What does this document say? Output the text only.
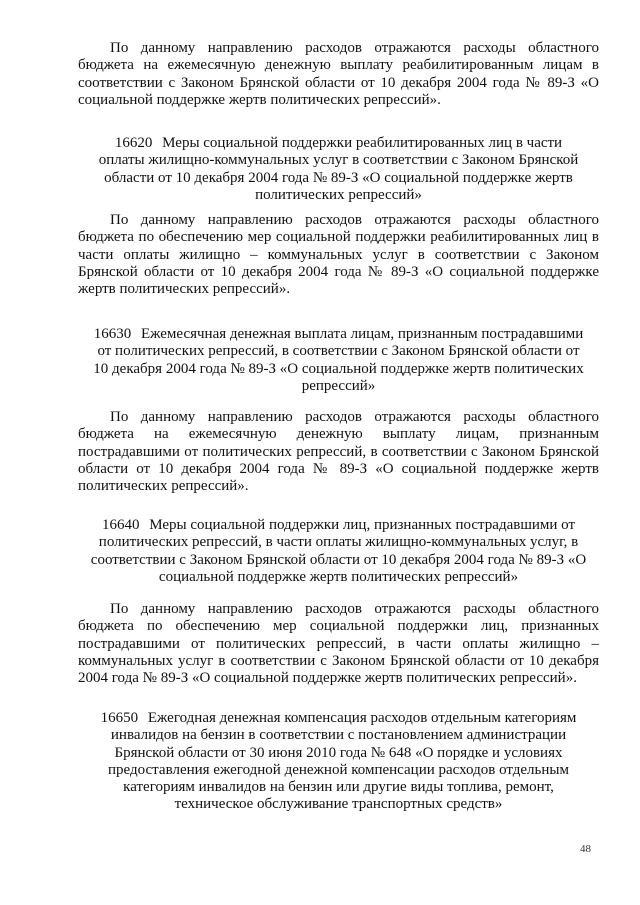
По данному направлению расходов отражаются расходы областного бюджета на ежемесячную денежную выплату реабилитированным лицам в соответствии с Законом Брянской области от 10 декабря 2004 года № 89-З «О социальной поддержке жертв политических репрессий».

16620 Меры социальной поддержки реабилитированных лиц в части оплаты жилищно-коммунальных услуг в соответствии с Законом Брянской области от 10 декабря 2004 года № 89-З «О социальной поддержке жертв политических репрессий»

По данному направлению расходов отражаются расходы областного бюджета по обеспечению мер социальной поддержки реабилитированных лиц в части оплаты жилищно – коммунальных услуг в соответствии с Законом Брянской области от 10 декабря 2004 года № 89-З «О социальной поддержке жертв политических репрессий».

16630 Ежемесячная денежная выплата лицам, признанным пострадавшими от политических репрессий, в соответствии с Законом Брянской области от 10 декабря 2004 года № 89-З «О социальной поддержке жертв политических репрессий»

По данному направлению расходов отражаются расходы областного бюджета на ежемесячную денежную выплату лицам, признанным пострадавшими от политических репрессий, в соответствии с Законом Брянской области от 10 декабря 2004 года № 89-З «О социальной поддержке жертв политических репрессий».

16640 Меры социальной поддержки лиц, признанных пострадавшими от политических репрессий, в части оплаты жилищно-коммунальных услуг, в соответствии с Законом Брянской области от 10 декабря 2004 года № 89-З «О социальной поддержке жертв политических репрессий»

По данному направлению расходов отражаются расходы областного бюджета по обеспечению мер социальной поддержки лиц, признанных пострадавшими от политических репрессий, в части оплаты жилищно – коммунальных услуг в соответствии с Законом Брянской области от 10 декабря 2004 года № 89-З «О социальной поддержке жертв политических репрессий».

16650 Ежегодная денежная компенсация расходов отдельным категориям инвалидов на бензин в соответствии с постановлением администрации Брянской области от 30 июня 2010 года № 648 «О порядке и условиях предоставления ежегодной денежной компенсации расходов отдельным категориям инвалидов на бензин или другие виды топлива, ремонт, техническое обслуживание транспортных средств»

48
